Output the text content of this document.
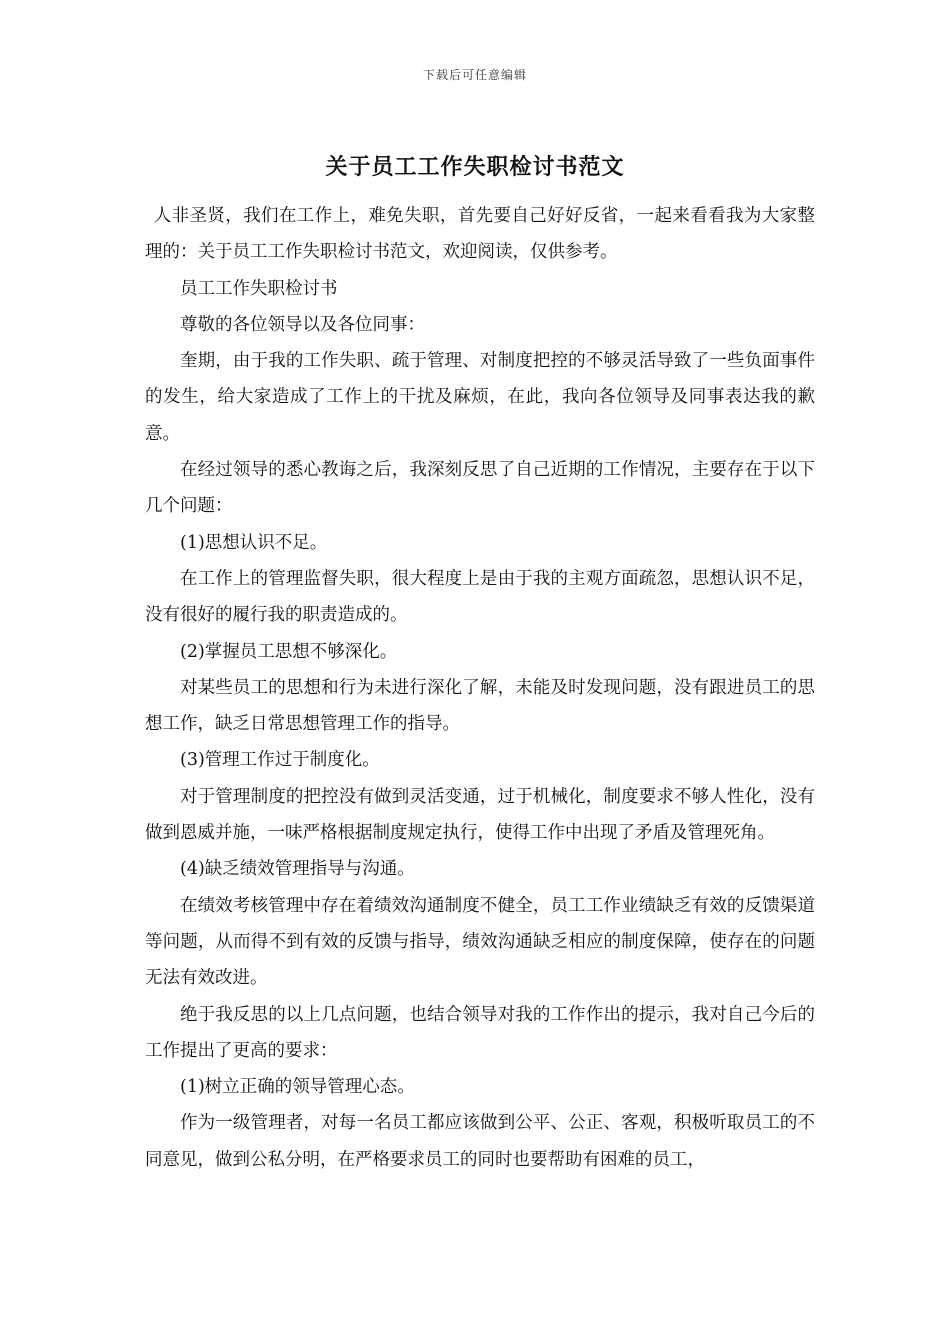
下载后可任意编辑
关于员工工作失职检讨书范文

人非圣贤，我们在工作上，难免失职，首先要自己好好反省，一起来看看我为大家整理的：关于员工工作失职检讨书范文，欢迎阅读，仅供参考。

员工工作失职检讨书

尊敬的各位领导以及各位同事：

奎期，由于我的工作失职、疏于管理、对制度把控的不够灵活导致了一些负面事件的发生，给大家造成了工作上的干扰及麻烦，在此，我向各位领导及同事表达我的歉意。

在经过领导的悉心教诲之后，我深刻反思了自己近期的工作情况，主要存在于以下几个问题：

(1)思想认识不足。

在工作上的管理监督失职，很大程度上是由于我的主观方面疏忽，思想认识不足，没有很好的履行我的职责造成的。

(2)掌握员工思想不够深化。

对某些员工的思想和行为未进行深化了解，未能及时发现问题，没有跟进员工的思想工作，缺乏日常思想管理工作的指导。

(3)管理工作过于制度化。

对于管理制度的把控没有做到灵活变通，过于机械化，制度要求不够人性化，没有做到恩威并施，一味严格根据制度规定执行，使得工作中出现了矛盾及管理死角。

(4)缺乏绩效管理指导与沟通。

在绩效考核管理中存在着绩效沟通制度不健全，员工工作业绩缺乏有效的反馈渠道等问题，从而得不到有效的反馈与指导，绩效沟通缺乏相应的制度保障，使存在的问题无法有效改进。

绝于我反思的以上几点问题，也结合领导对我的工作作出的提示，我对自己今后的工作提出了更高的要求：

(1)树立正确的领导管理心态。

作为一级管理者，对每一名员工都应该做到公平、公正、客观，积极听取员工的不同意见，做到公私分明，在严格要求员工的同时也要帮助有困难的员工，
